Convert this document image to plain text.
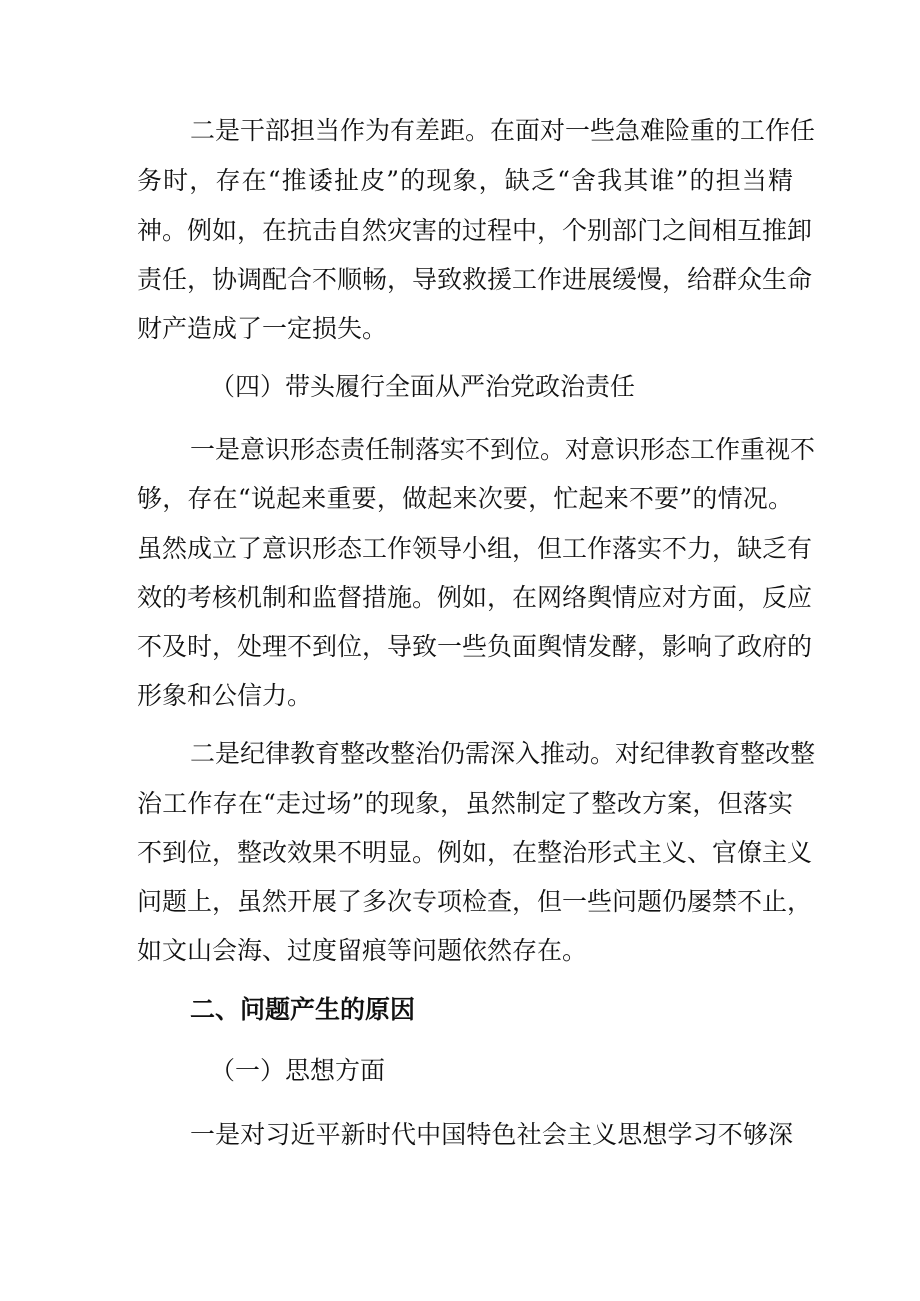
二是干部担当作为有差距。在面对一些急难险重的工作任
务时，存在“推诿扯皮”的现象，缺乏“舍我其谁”的担当精
神。例如，在抗击自然灾害的过程中，个别部门之间相互推卸
责任，协调配合不顺畅，导致救援工作进展缓慢，给群众生命
财产造成了一定损失。
（四）带头履行全面从严治党政治责任
一是意识形态责任制落实不到位。对意识形态工作重视不
够，存在“说起来重要，做起来次要，忙起来不要”的情况。
虽然成立了意识形态工作领导小组，但工作落实不力，缺乏有
效的考核机制和监督措施。例如，在网络舆情应对方面，反应
不及时，处理不到位，导致一些负面舆情发酵，影响了政府的
形象和公信力。
二是纪律教育整改整治仍需深入推动。对纪律教育整改整
治工作存在“走过场”的现象，虽然制定了整改方案，但落实
不到位，整改效果不明显。例如，在整治形式主义、官僚主义
问题上，虽然开展了多次专项检查，但一些问题仍屡禁不止，
如文山会海、过度留痕等问题依然存在。
二、问题产生的原因
（一）思想方面
一是对习近平新时代中国特色社会主义思想学习不够深
